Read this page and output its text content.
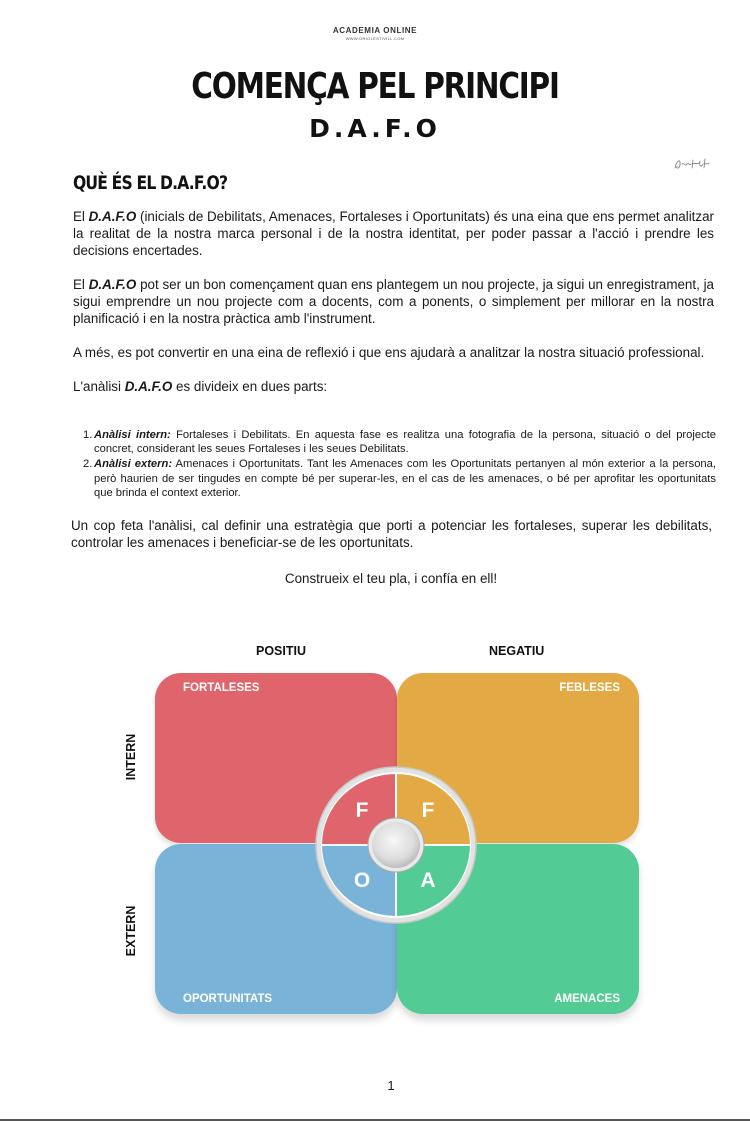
ACADEMIA ONLINE
WWW.ORIOLESTIVILL.COM
COMENÇA PEL PRINCIPI
D.A.F.O
QUÈ ÉS EL D.A.F.O?

El D.A.F.O (inicials de Debilitats, Amenaces, Fortaleses i Oportunitats) és una eina que ens permet analitzar la realitat de la nostra marca personal i de la nostra identitat, per poder passar a l'acció i prendre les decisions encertades.

El D.A.F.O pot ser un bon començament quan ens plantegem un nou projecte, ja sigui un enregistrament, ja sigui emprendre un nou projecte com a docents, com a ponents, o simplement per millorar en la nostra planificació i en la nostra pràctica amb l'instrument.

A més, es pot convertir en una eina de reflexió i que ens ajudarà a analitzar la nostra situació professional.

L'anàlisi D.A.F.O es divideix en dues parts:

1. Anàlisi intern: Fortaleses i Debilitats. En aquesta fase es realitza una fotografia de la persona, situació o del projecte concret, considerant les seues Fortaleses i les seues Debilitats.
2. Anàlisi extern: Amenaces i Oportunitats. Tant les Amenaces com les Oportunitats pertanyen al món exterior a la persona, però haurien de ser tingudes en compte bé per superar-les, en el cas de les amenaces, o bé per aprofitar les oportunitats que brinda el context exterior.

Un cop feta l'anàlisi, cal definir una estratègia que porti a potenciar les fortaleses, superar les debilitats, controlar les amenaces i beneficiar-se de les oportunitats.

Construeix el teu pla, i confía en ell!
POSITIU	NEGATIU
INTERN
EXTERN
FORTALESES	FEBLESES
OPORTUNITATS	AMENACES
F	F
O A
1
